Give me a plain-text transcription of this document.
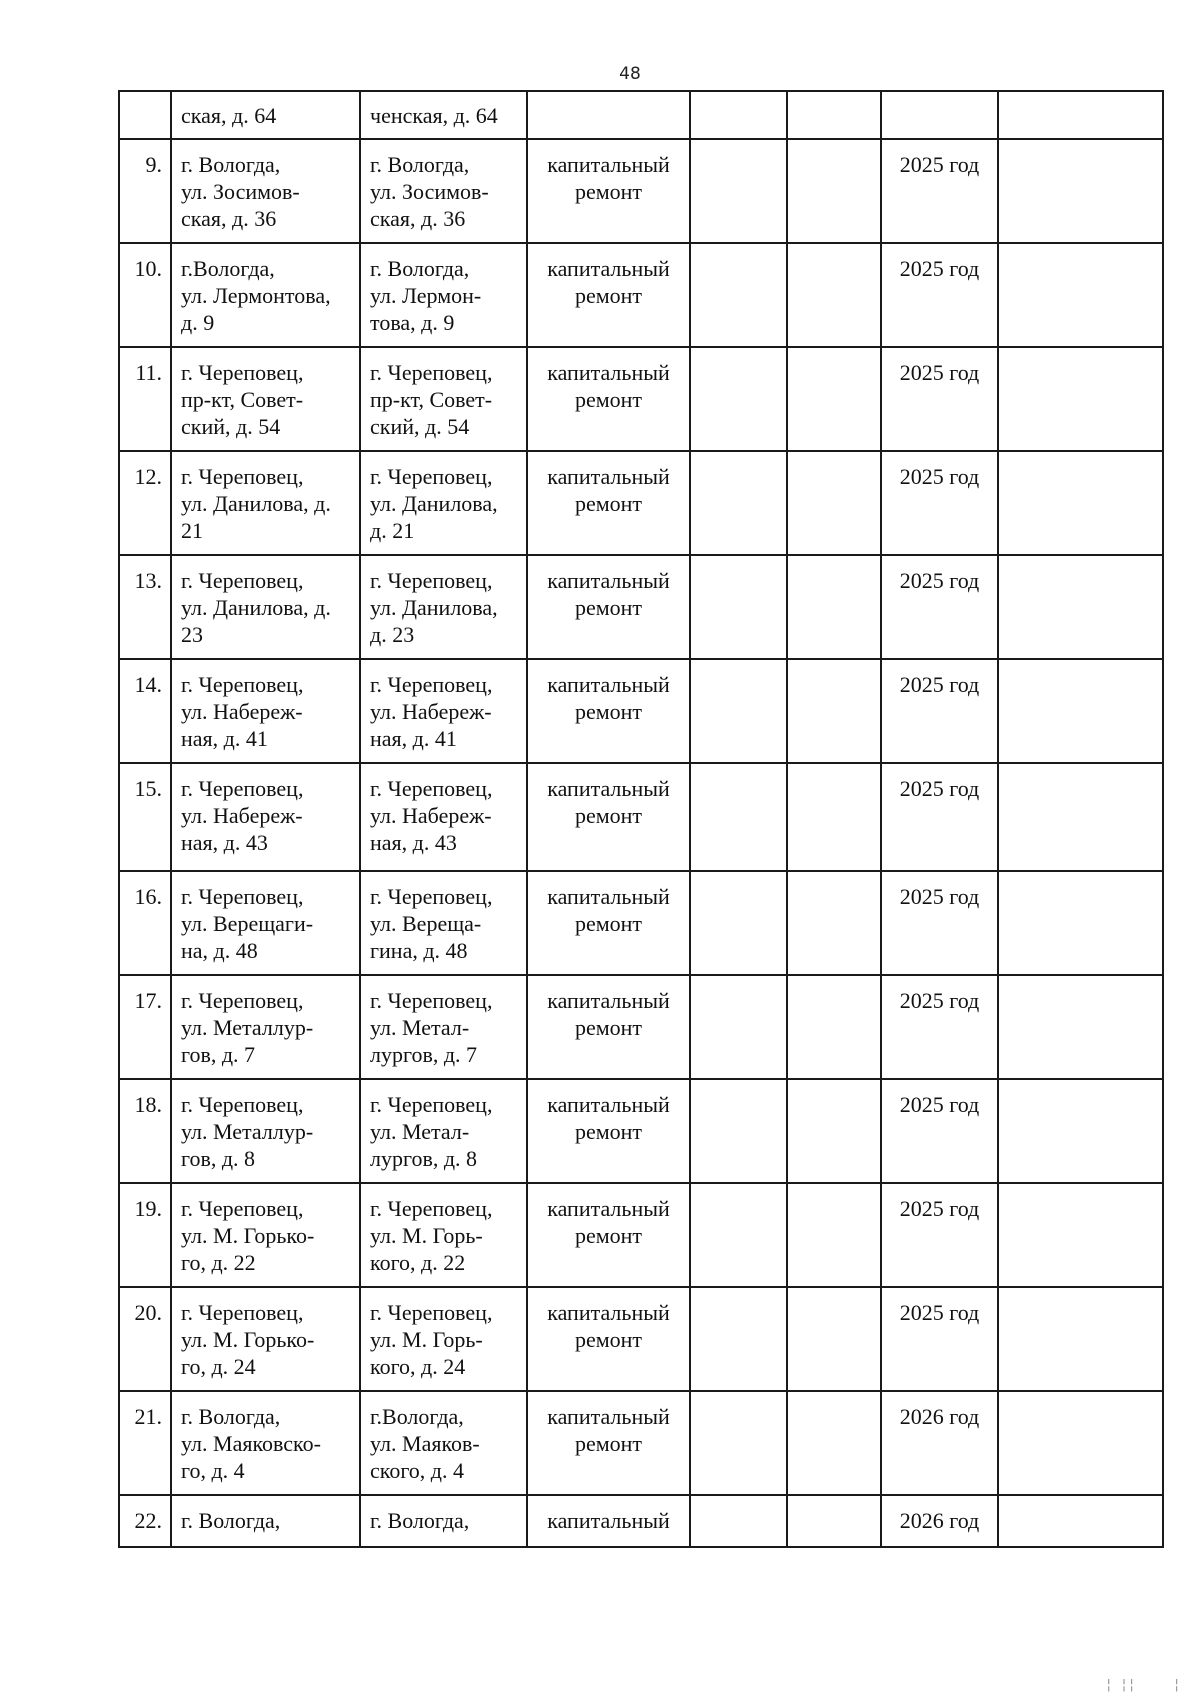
48

	ская, д. 64	ченская, д. 64					

9.	г. Вологда,
ул. Зосимов-
ская, д. 36	г. Вологда,
ул. Зосимов-
ская, д. 36	капитальный
ремонт			2025 год	
10.	г.Вологда,
ул. Лермонтова,
д. 9	г. Вологда,
ул. Лермон-
това, д. 9	капитальный
ремонт			2025 год	
11.	г. Череповец,
пр-кт, Совет-
ский, д. 54	г. Череповец,
пр-кт, Совет-
ский, д. 54	капитальный
ремонт			2025 год	
12.	г. Череповец,
ул. Данилова, д.
21	г. Череповец,
ул. Данилова,
д. 21	капитальный
ремонт			2025 год	
13.	г. Череповец,
ул. Данилова, д.
23	г. Череповец,
ул. Данилова,
д. 23	капитальный
ремонт			2025 год	
14.	г. Череповец,
ул. Набереж-
ная, д. 41	г. Череповец,
ул. Набереж-
ная, д. 41	капитальный
ремонт			2025 год	
15.	г. Череповец,
ул. Набереж-
ная, д. 43	г. Череповец,
ул. Набереж-
ная, д. 43	капитальный
ремонт			2025 год	
16.	г. Череповец,
ул. Верещаги-
на, д. 48	г. Череповец,
ул. Вереща-
гина, д. 48	капитальный
ремонт			2025 год	
17.	г. Череповец,
ул. Металлур-
гов, д. 7	г. Череповец,
ул. Метал-
лургов, д. 7	капитальный
ремонт			2025 год	
18.	г. Череповец,
ул. Металлур-
гов, д. 8	г. Череповец,
ул. Метал-
лургов, д. 8	капитальный
ремонт			2025 год	
19.	г. Череповец,
ул. М. Горько-
го, д. 22	г. Череповец,
ул. М. Горь-
кого, д. 22	капитальный
ремонт			2025 год	
20.	г. Череповец,
ул. М. Горько-
го, д. 24	г. Череповец,
ул. М. Горь-
кого, д. 24	капитальный
ремонт			2025 год	
21.	г. Вологда,
ул. Маяковско-
го, д. 4	г.Вологда,
ул. Маяков-
ского, д. 4	капитальный
ремонт			2026 год	
22.	г. Вологда,	г. Вологда,	капитальный			2026 год	
¦ ¦¦     ¦
